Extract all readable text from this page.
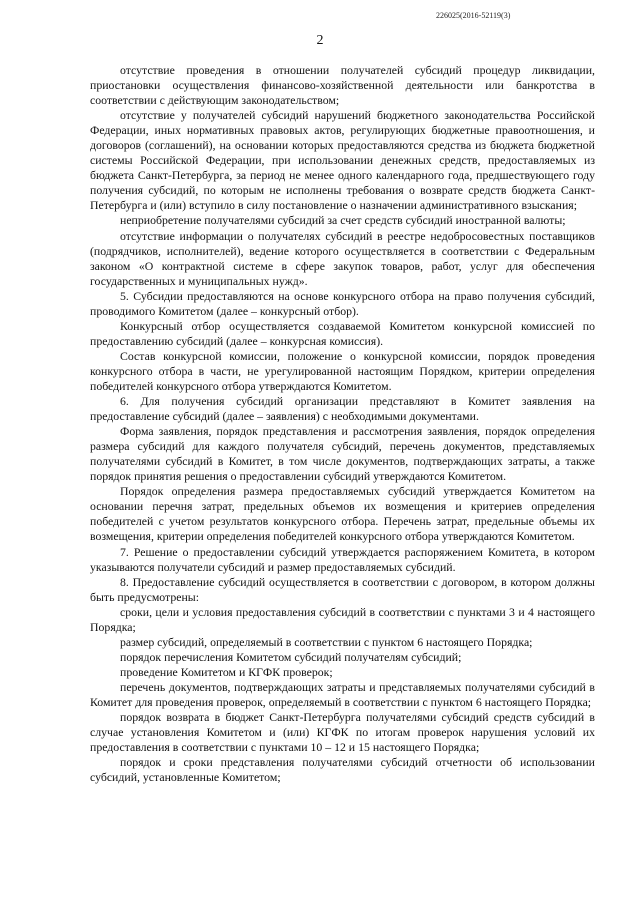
226025(2016-52119(3)
2

отсутствие проведения в отношении получателей субсидий процедур ликвидации, приостановки осуществления финансово-хозяйственной деятельности или банкротства в соответствии с действующим законодательством;

отсутствие у получателей субсидий нарушений бюджетного законодательства Российской Федерации, иных нормативных правовых актов, регулирующих бюджетные правоотношения, и договоров (соглашений), на основании которых предоставляются средства из бюджета бюджетной системы Российской Федерации, при использовании денежных средств, предоставляемых из бюджета Санкт-Петербурга, за период не менее одного календарного года, предшествующего году получения субсидий, по которым не исполнены требования о возврате средств бюджета Санкт-Петербурга и (или) вступило в силу постановление о назначении административного взыскания;

неприобретение получателями субсидий за счет средств субсидий иностранной валюты;

отсутствие информации о получателях субсидий в реестре недобросовестных поставщиков (подрядчиков, исполнителей), ведение которого осуществляется в соответствии с Федеральным законом «О контрактной системе в сфере закупок товаров, работ, услуг для обеспечения государственных и муниципальных нужд».

5. Субсидии предоставляются на основе конкурсного отбора на право получения субсидий, проводимого Комитетом (далее – конкурсный отбор).

Конкурсный отбор осуществляется создаваемой Комитетом конкурсной комиссией по предоставлению субсидий (далее – конкурсная комиссия).

Состав конкурсной комиссии, положение о конкурсной комиссии, порядок проведения конкурсного отбора в части, не урегулированной настоящим Порядком, критерии определения победителей конкурсного отбора утверждаются Комитетом.

6. Для получения субсидий организации представляют в Комитет заявления на предоставление субсидий (далее – заявления) с необходимыми документами.

Форма заявления, порядок представления и рассмотрения заявления, порядок определения размера субсидий для каждого получателя субсидий, перечень документов, представляемых получателями субсидий в Комитет, в том числе документов, подтверждающих затраты, а также порядок принятия решения о предоставлении субсидий утверждаются Комитетом.

Порядок определения размера предоставляемых субсидий утверждается Комитетом на основании перечня затрат, предельных объемов их возмещения и критериев определения победителей с учетом результатов конкурсного отбора. Перечень затрат, предельные объемы их возмещения, критерии определения победителей конкурсного отбора утверждаются Комитетом.

7. Решение о предоставлении субсидий утверждается распоряжением Комитета, в котором указываются получатели субсидий и размер предоставляемых субсидий.

8. Предоставление субсидий осуществляется в соответствии с договором, в котором должны быть предусмотрены:

сроки, цели и условия предоставления субсидий в соответствии с пунктами 3 и 4 настоящего Порядка;

размер субсидий, определяемый в соответствии с пунктом 6 настоящего Порядка;

порядок перечисления Комитетом субсидий получателям субсидий;

проведение Комитетом и КГФК проверок;

перечень документов, подтверждающих затраты и представляемых получателями субсидий в Комитет для проведения проверок, определяемый в соответствии с пунктом 6 настоящего Порядка;

порядок возврата в бюджет Санкт-Петербурга получателями субсидий средств субсидий в случае установления Комитетом и (или) КГФК по итогам проверок нарушения условий их предоставления в соответствии с пунктами 10 – 12 и 15 настоящего Порядка;

порядок и сроки представления получателями субсидий отчетности об использовании субсидий, установленные Комитетом;
